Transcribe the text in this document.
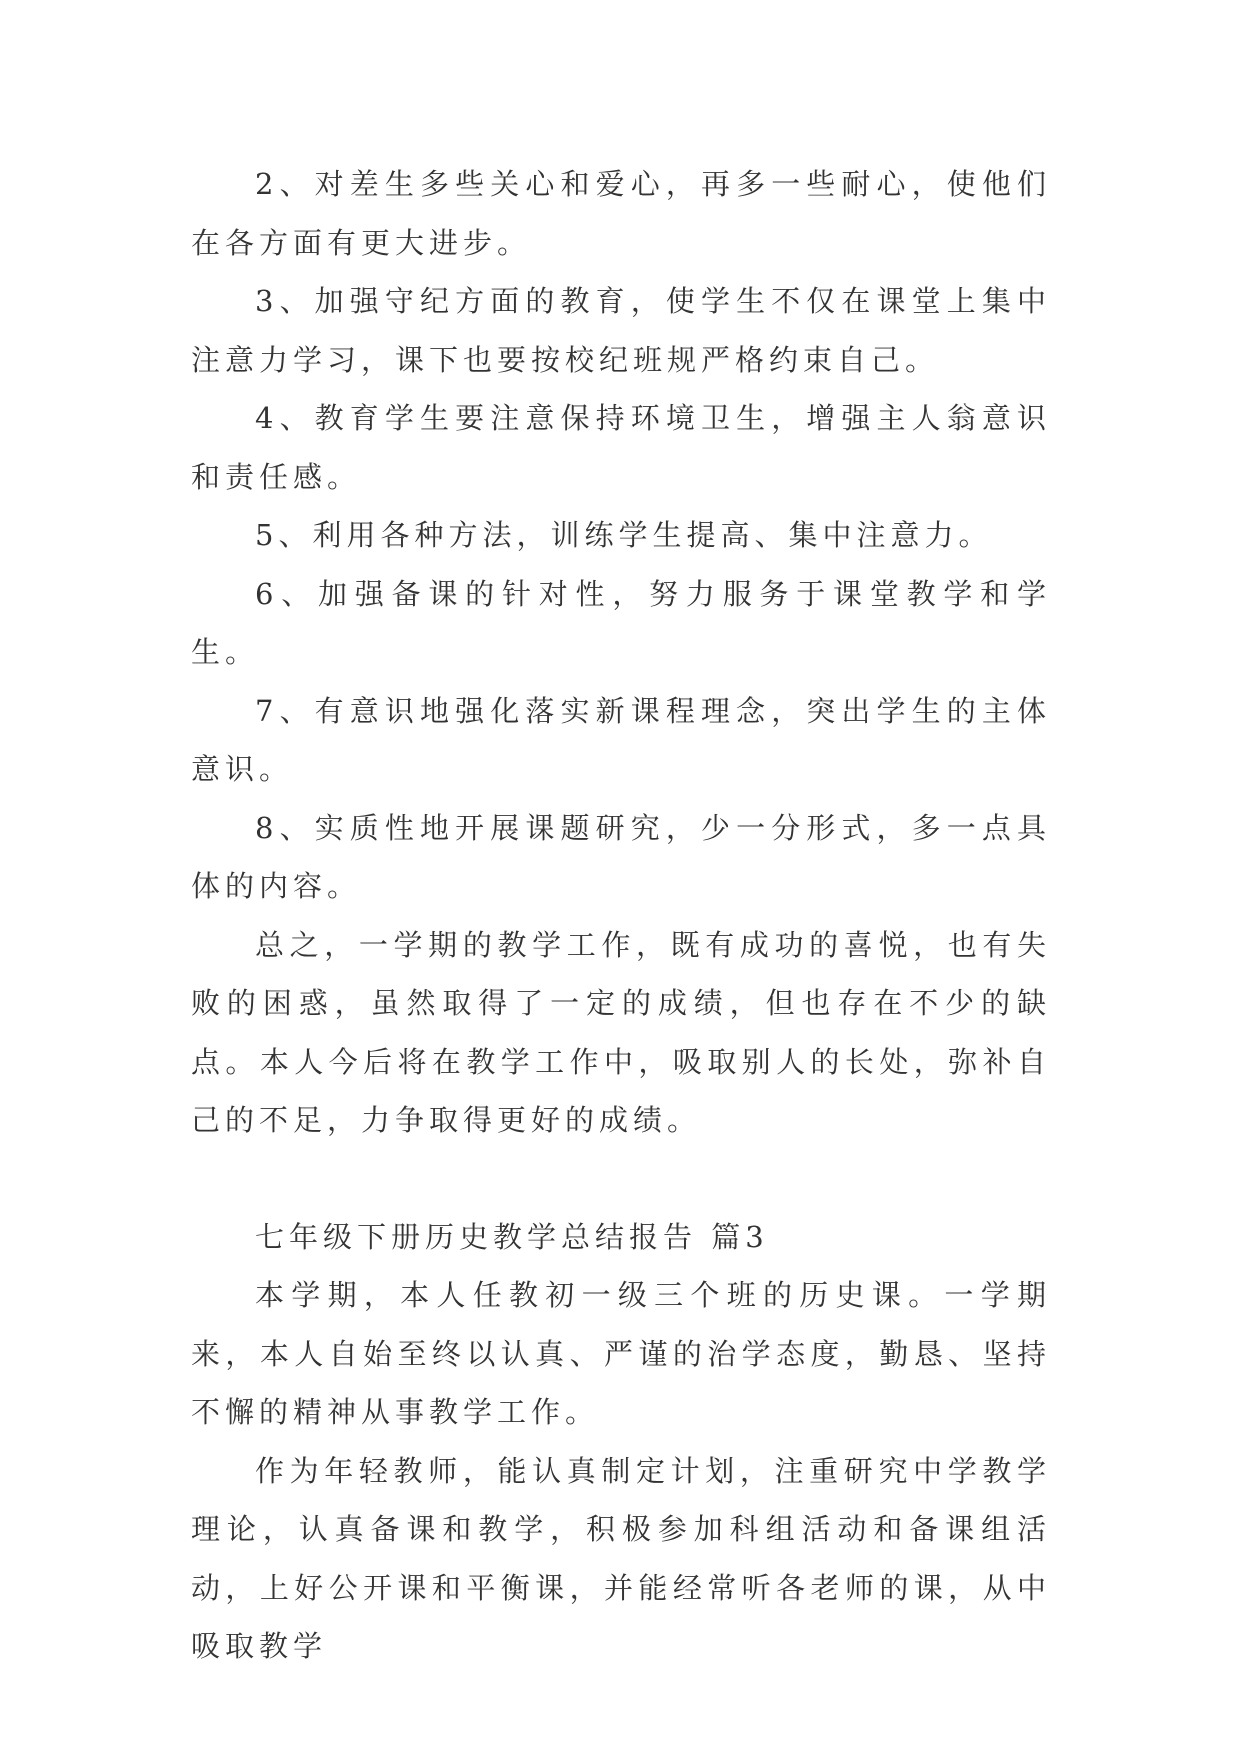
2、对差生多些关心和爱心，再多一些耐心，使他们在各方面有更大进步。

3、加强守纪方面的教育，使学生不仅在课堂上集中注意力学习，课下也要按校纪班规严格约束自己。

4、教育学生要注意保持环境卫生，增强主人翁意识和责任感。

5、利用各种方法，训练学生提高、集中注意力。

6、加强备课的针对性，努力服务于课堂教学和学生。

7、有意识地强化落实新课程理念，突出学生的主体意识。

8、实质性地开展课题研究，少一分形式，多一点具体的内容。

总之，一学期的教学工作，既有成功的喜悦，也有失败的困惑，虽然取得了一定的成绩，但也存在不少的缺点。本人今后将在教学工作中，吸取别人的长处，弥补自己的不足，力争取得更好的成绩。

七年级下册历史教学总结报告 篇3

本学期，本人任教初一级三个班的历史课。一学期来，本人自始至终以认真、严谨的治学态度，勤恳、坚持不懈的精神从事教学工作。

作为年轻教师，能认真制定计划，注重研究中学教学理论，认真备课和教学，积极参加科组活动和备课组活动，上好公开课和平衡课，并能经常听各老师的课，从中吸取教学
